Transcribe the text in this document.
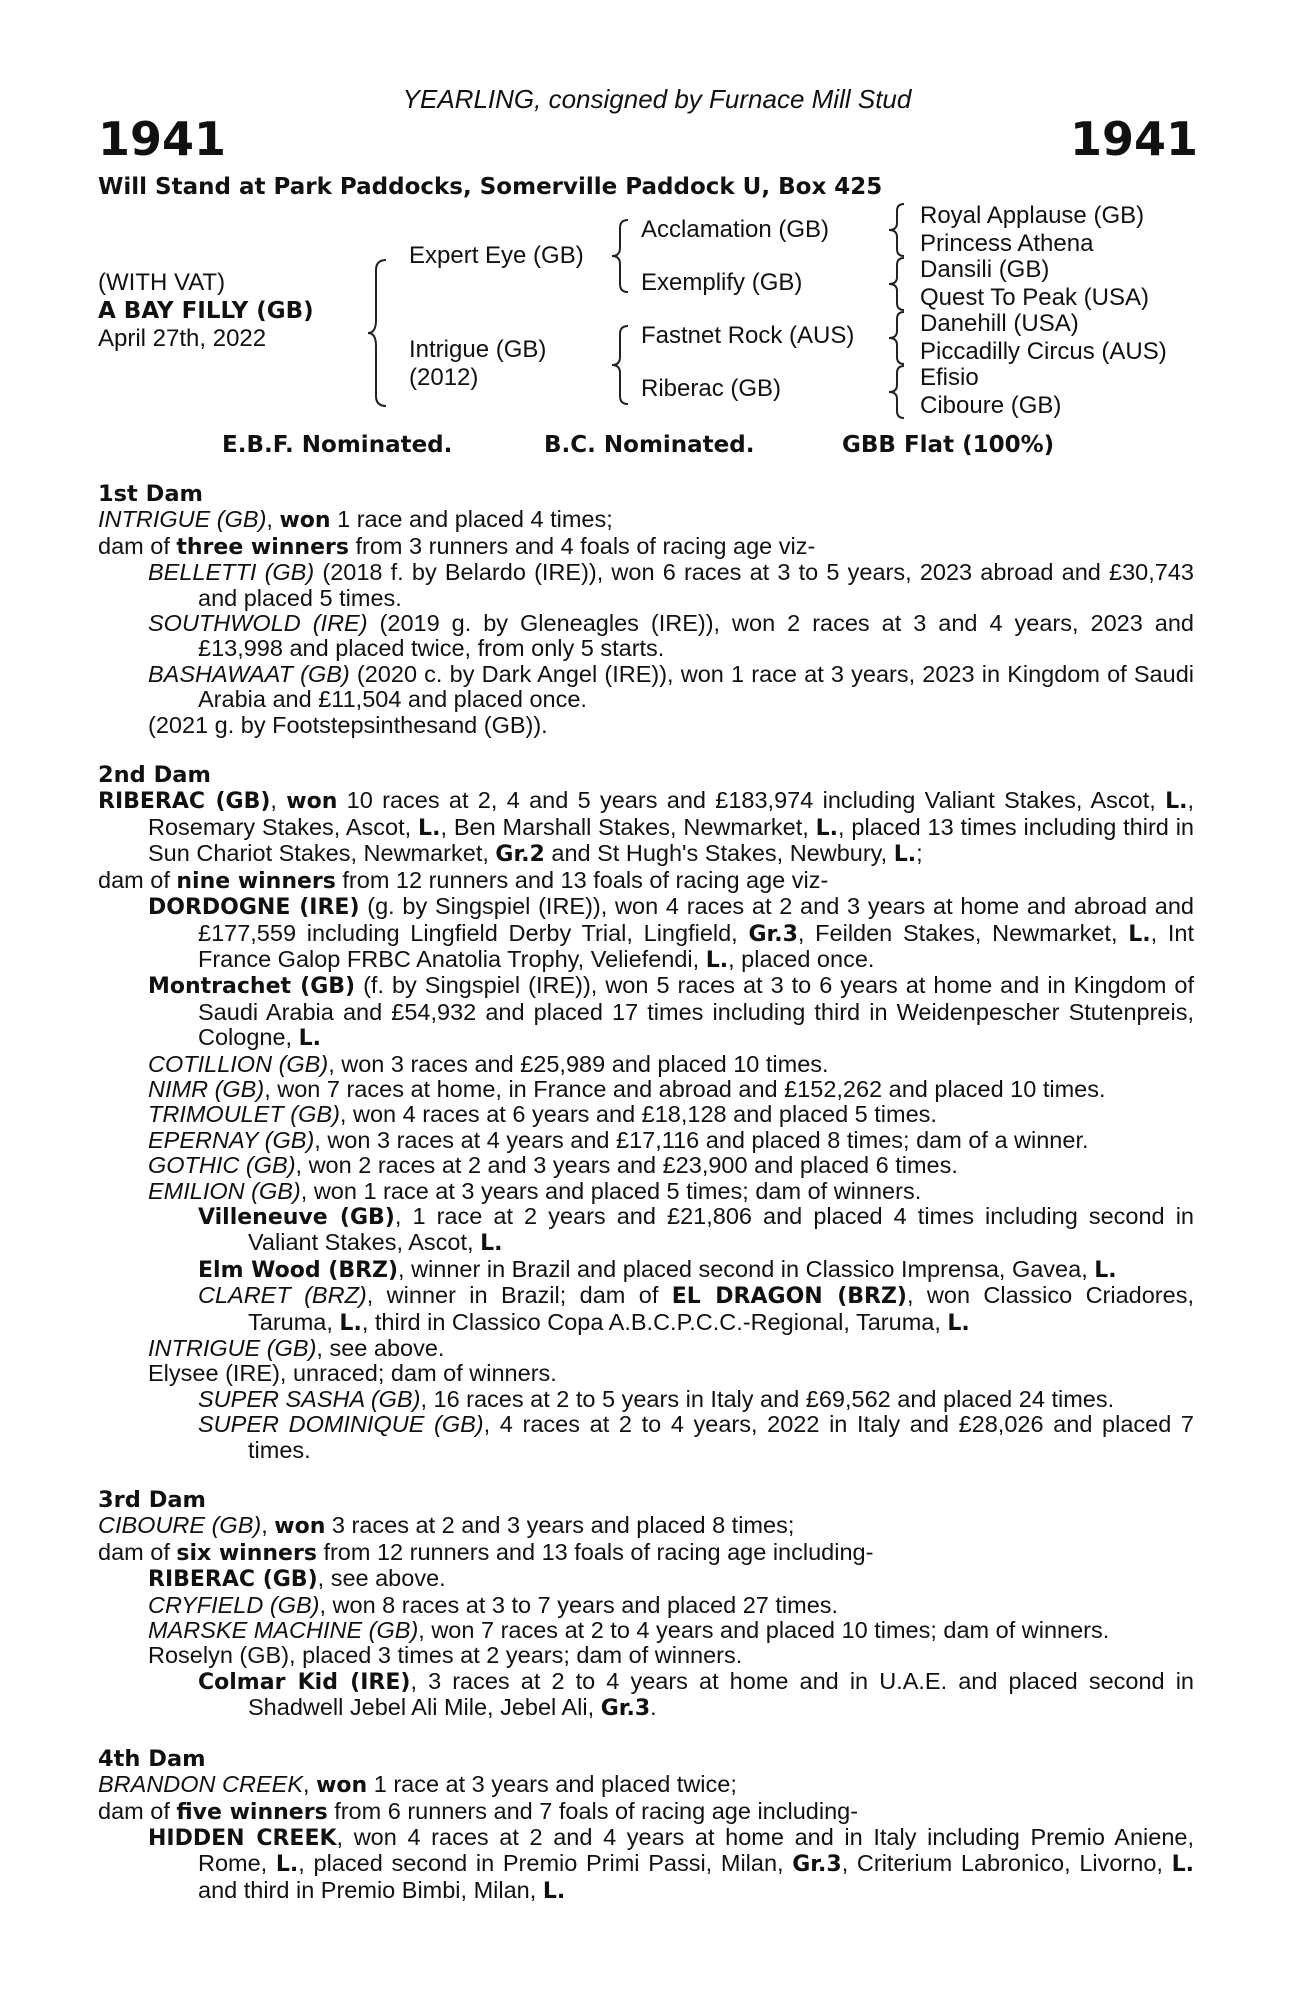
YEARLING, consigned by Furnace Mill Stud
1941	1941
Will Stand at Park Paddocks, Somerville Paddock U, Box 425
(WITH VAT)
A BAY FILLY (GB)
April 27th, 2022
Expert Eye (GB)
Intrigue (GB)
(2012)
Acclamation (GB)
Exemplify (GB)
Fastnet Rock (AUS)
Riberac (GB)
Royal Applause (GB)
Princess Athena
Dansili (GB)
Quest To Peak (USA)
Danehill (USA)
Piccadilly Circus (AUS)
Efisio
Ciboure (GB)
E.B.F. Nominated.	B.C. Nominated.	GBB Flat (100%)
1st Dam

INTRIGUE (GB), won 1 race and placed 4 times;

dam of three winners from 3 runners and 4 foals of racing age viz-

BELLETTI (GB) (2018 f. by Belardo (IRE)), won 6 races at 3 to 5 years, 2023 abroad and £30,743 and placed 5 times.

SOUTHWOLD (IRE) (2019 g. by Gleneagles (IRE)), won 2 races at 3 and 4 years, 2023 and £13,998 and placed twice, from only 5 starts.

BASHAWAAT (GB) (2020 c. by Dark Angel (IRE)), won 1 race at 3 years, 2023 in Kingdom of Saudi Arabia and £11,504 and placed once.

(2021 g. by Footstepsinthesand (GB)).

2nd Dam

RIBERAC (GB), won 10 races at 2, 4 and 5 years and £183,974 including Valiant Stakes, Ascot, L., Rosemary Stakes, Ascot, L., Ben Marshall Stakes, Newmarket, L., placed 13 times including third in Sun Chariot Stakes, Newmarket, Gr.2 and St Hugh's Stakes, Newbury, L.;

dam of nine winners from 12 runners and 13 foals of racing age viz-

DORDOGNE (IRE) (g. by Singspiel (IRE)), won 4 races at 2 and 3 years at home and abroad and £177,559 including Lingfield Derby Trial, Lingfield, Gr.3, Feilden Stakes, Newmarket, L., Int France Galop FRBC Anatolia Trophy, Veliefendi, L., placed once.

Montrachet (GB) (f. by Singspiel (IRE)), won 5 races at 3 to 6 years at home and in Kingdom of Saudi Arabia and £54,932 and placed 17 times including third in Weidenpescher Stutenpreis, Cologne, L.

COTILLION (GB), won 3 races and £25,989 and placed 10 times.

NIMR (GB), won 7 races at home, in France and abroad and £152,262 and placed 10 times.

TRIMOULET (GB), won 4 races at 6 years and £18,128 and placed 5 times.

EPERNAY (GB), won 3 races at 4 years and £17,116 and placed 8 times; dam of a winner.

GOTHIC (GB), won 2 races at 2 and 3 years and £23,900 and placed 6 times.

EMILION (GB), won 1 race at 3 years and placed 5 times; dam of winners.

Villeneuve (GB), 1 race at 2 years and £21,806 and placed 4 times including second in Valiant Stakes, Ascot, L.

Elm Wood (BRZ), winner in Brazil and placed second in Classico Imprensa, Gavea, L.

CLARET (BRZ), winner in Brazil; dam of EL DRAGON (BRZ), won Classico Criadores, Taruma, L., third in Classico Copa A.B.C.P.C.C.-Regional, Taruma, L.

INTRIGUE (GB), see above.

Elysee (IRE), unraced; dam of winners.

SUPER SASHA (GB), 16 races at 2 to 5 years in Italy and £69,562 and placed 24 times.

SUPER DOMINIQUE (GB), 4 races at 2 to 4 years, 2022 in Italy and £28,026 and placed 7 times.

3rd Dam

CIBOURE (GB), won 3 races at 2 and 3 years and placed 8 times;

dam of six winners from 12 runners and 13 foals of racing age including-

RIBERAC (GB), see above.

CRYFIELD (GB), won 8 races at 3 to 7 years and placed 27 times.

MARSKE MACHINE (GB), won 7 races at 2 to 4 years and placed 10 times; dam of winners.

Roselyn (GB), placed 3 times at 2 years; dam of winners.

Colmar Kid (IRE), 3 races at 2 to 4 years at home and in U.A.E. and placed second in Shadwell Jebel Ali Mile, Jebel Ali, Gr.3.

4th Dam

BRANDON CREEK, won 1 race at 3 years and placed twice;

dam of five winners from 6 runners and 7 foals of racing age including-

HIDDEN CREEK, won 4 races at 2 and 4 years at home and in Italy including Premio Aniene, Rome, L., placed second in Premio Primi Passi, Milan, Gr.3, Criterium Labronico, Livorno, L. and third in Premio Bimbi, Milan, L.
